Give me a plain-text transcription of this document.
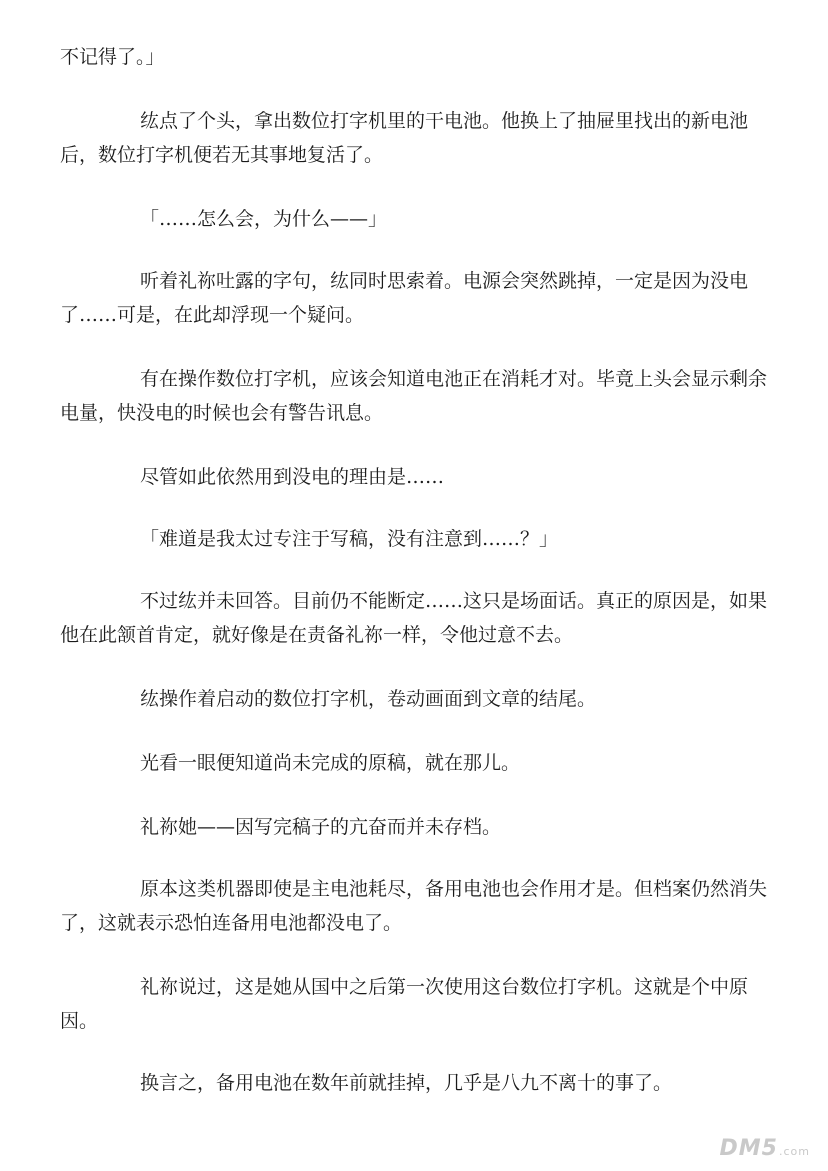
不记得了。」

纮点了个头，拿出数位打字机里的干电池。他换上了抽屉里找出的新电池后，数位打字机便若无其事地复活了。

「……怎么会，为什么——」

听着礼祢吐露的字句，纮同时思索着。电源会突然跳掉，一定是因为没电了……可是，在此却浮现一个疑问。

有在操作数位打字机，应该会知道电池正在消耗才对。毕竟上头会显示剩余电量，快没电的时候也会有警告讯息。

尽管如此依然用到没电的理由是……

「难道是我太过专注于写稿，没有注意到……？」

不过纮并未回答。目前仍不能断定……这只是场面话。真正的原因是，如果他在此颔首肯定，就好像是在责备礼祢一样，令他过意不去。

纮操作着启动的数位打字机，卷动画面到文章的结尾。

光看一眼便知道尚未完成的原稿，就在那儿。

礼祢她——因写完稿子的亢奋而并未存档。

原本这类机器即使是主电池耗尽，备用电池也会作用才是。但档案仍然消失了，这就表示恐怕连备用电池都没电了。

礼祢说过，这是她从国中之后第一次使用这台数位打字机。这就是个中原因。

换言之，备用电池在数年前就挂掉，几乎是八九不离十的事了。

DM5.com
